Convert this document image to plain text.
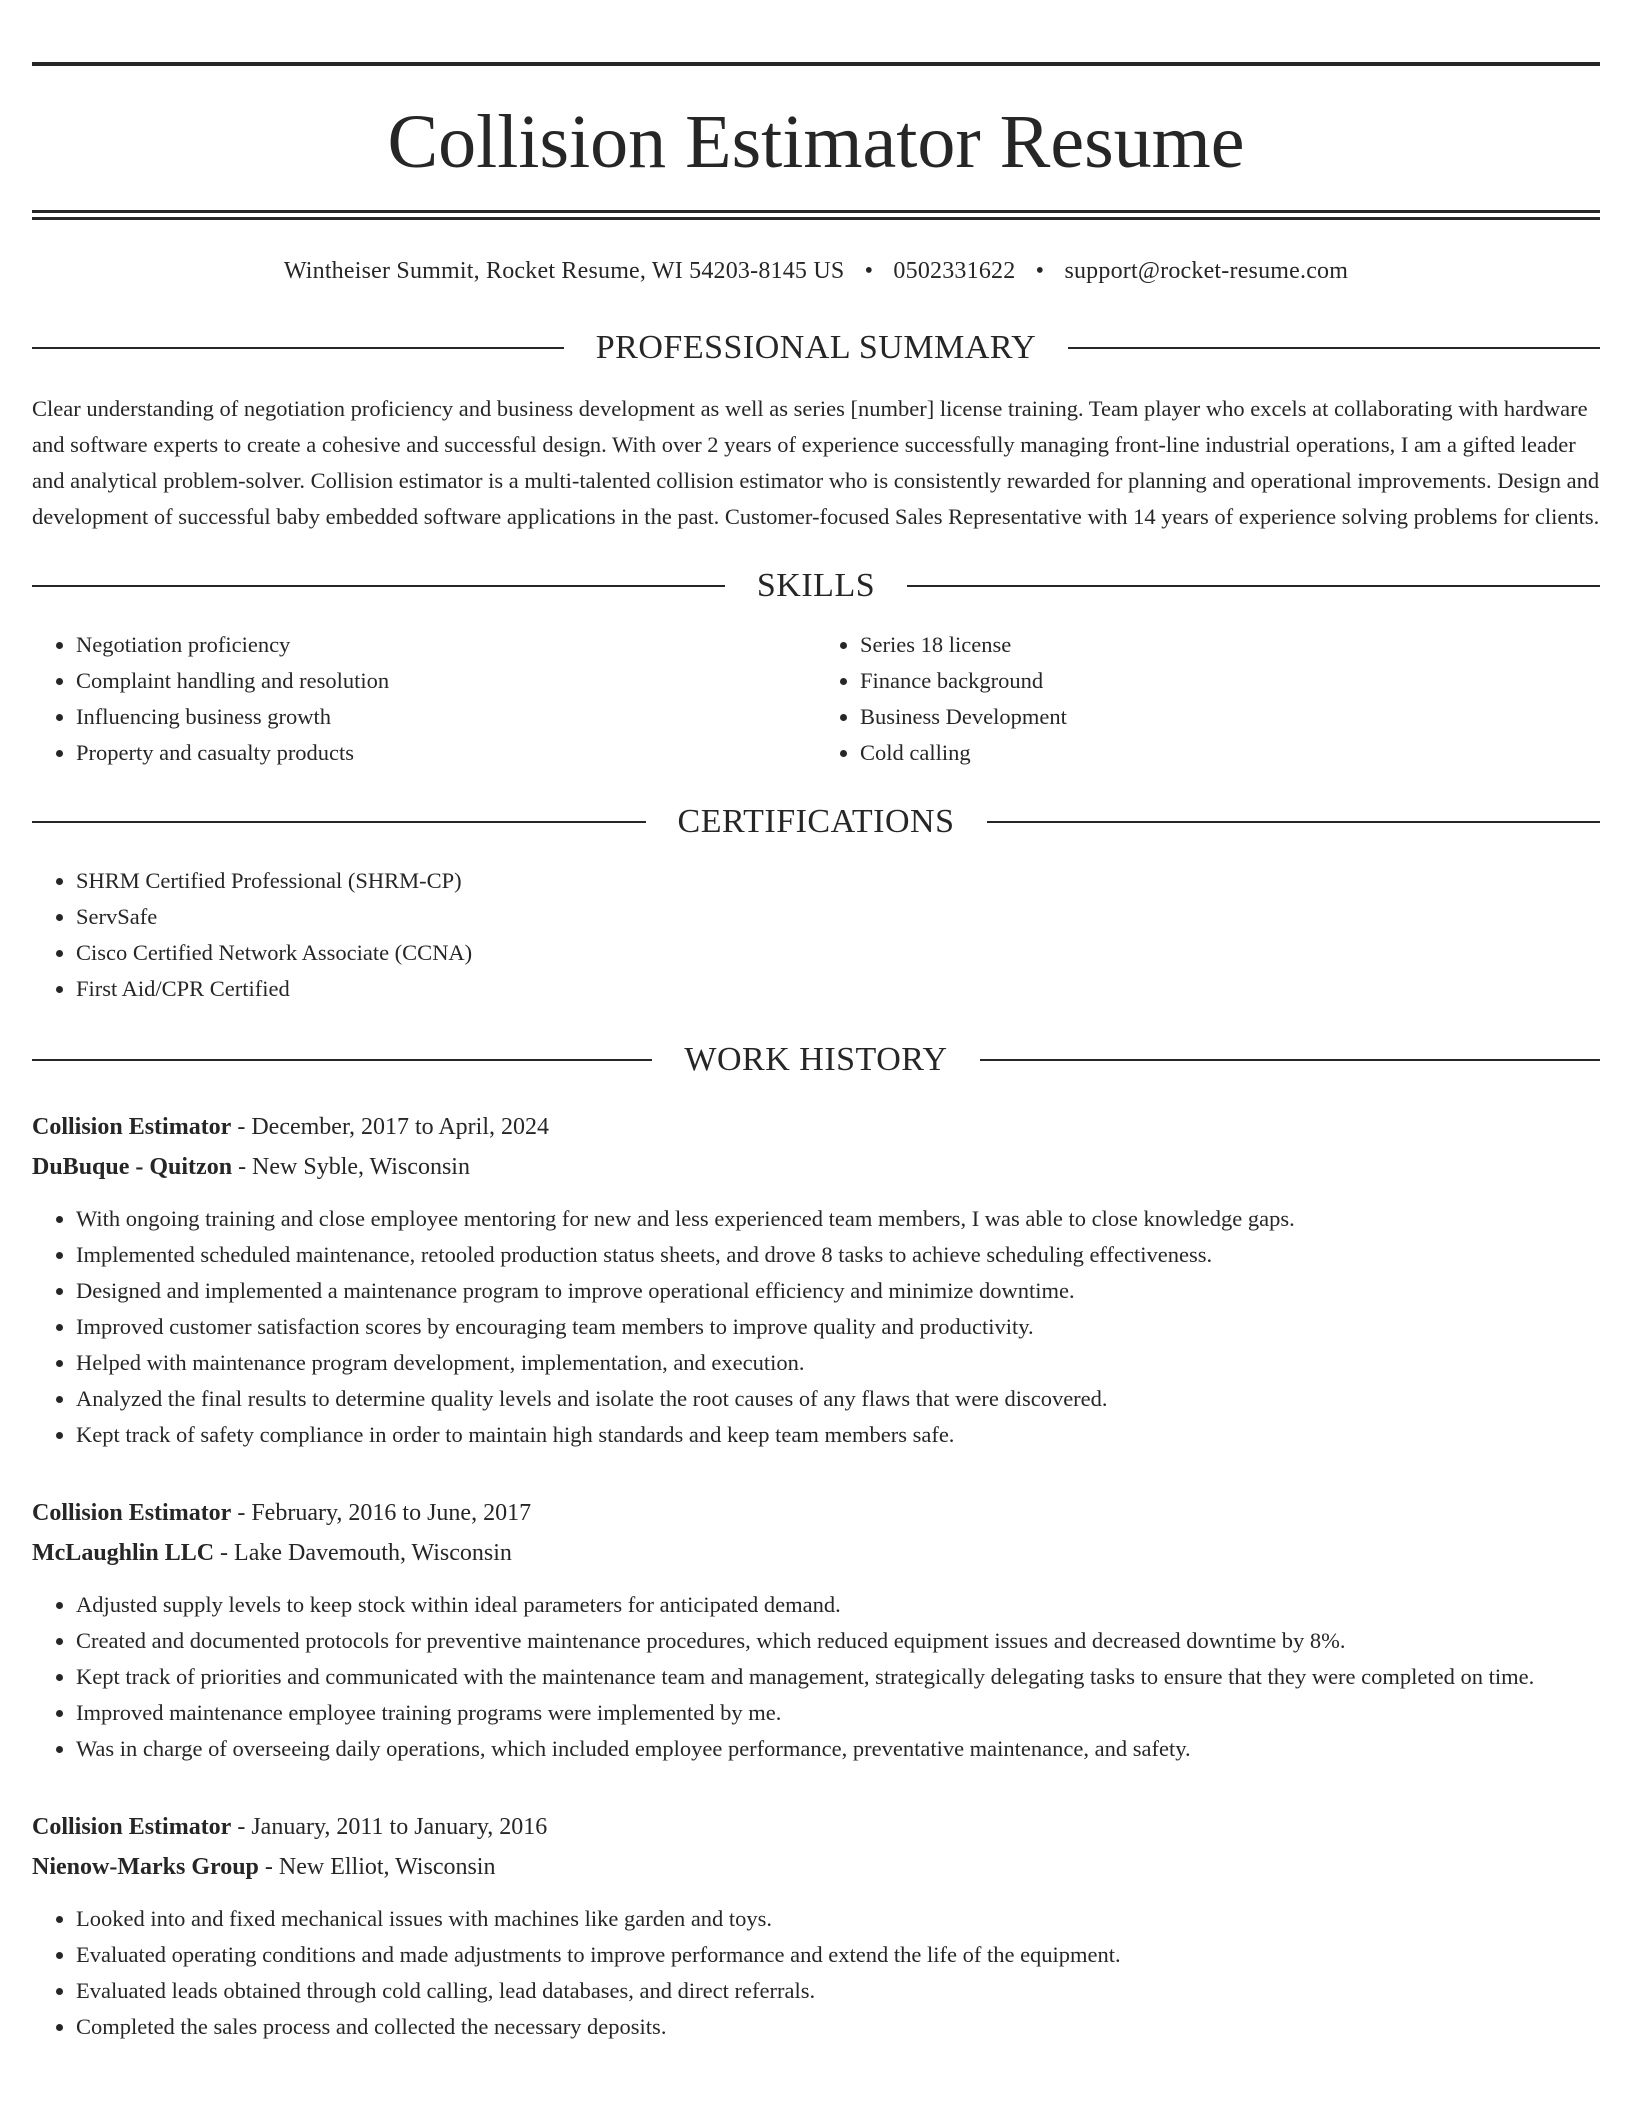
Collision Estimator Resume
Wintheiser Summit, Rocket Resume, WI 54203-8145 US • 0502331622 • support@rocket-resume.com
PROFESSIONAL SUMMARY

Clear understanding of negotiation proficiency and business development as well as series [number] license training. Team player who excels at collaborating with hardware and software experts to create a cohesive and successful design. With over 2 years of experience successfully managing front-line industrial operations, I am a gifted leader and analytical problem-solver. Collision estimator is a multi-talented collision estimator who is consistently rewarded for planning and operational improvements. Design and development of successful baby embedded software applications in the past. Customer-focused Sales Representative with 14 years of experience solving problems for clients.

SKILLS
• Negotiation proficiency
• Complaint handling and resolution
• Influencing business growth
• Property and casualty products
• Series 18 license
• Finance background
• Business Development
• Cold calling
CERTIFICATIONS
• SHRM Certified Professional (SHRM-CP)
• ServSafe
• Cisco Certified Network Associate (CCNA)
• First Aid/CPR Certified
WORK HISTORY
Collision Estimator - December, 2017 to April, 2024
DuBuque - Quitzon - New Syble, Wisconsin
• With ongoing training and close employee mentoring for new and less experienced team members, I was able to close knowledge gaps.
• Implemented scheduled maintenance, retooled production status sheets, and drove 8 tasks to achieve scheduling effectiveness.
• Designed and implemented a maintenance program to improve operational efficiency and minimize downtime.
• Improved customer satisfaction scores by encouraging team members to improve quality and productivity.
• Helped with maintenance program development, implementation, and execution.
• Analyzed the final results to determine quality levels and isolate the root causes of any flaws that were discovered.
• Kept track of safety compliance in order to maintain high standards and keep team members safe.
Collision Estimator - February, 2016 to June, 2017
McLaughlin LLC - Lake Davemouth, Wisconsin
• Adjusted supply levels to keep stock within ideal parameters for anticipated demand.
• Created and documented protocols for preventive maintenance procedures, which reduced equipment issues and decreased downtime by 8%.
• Kept track of priorities and communicated with the maintenance team and management, strategically delegating tasks to ensure that they were completed on time.
• Improved maintenance employee training programs were implemented by me.
• Was in charge of overseeing daily operations, which included employee performance, preventative maintenance, and safety.
Collision Estimator - January, 2011 to January, 2016
Nienow-Marks Group - New Elliot, Wisconsin
• Looked into and fixed mechanical issues with machines like garden and toys.
• Evaluated operating conditions and made adjustments to improve performance and extend the life of the equipment.
• Evaluated leads obtained through cold calling, lead databases, and direct referrals.
• Completed the sales process and collected the necessary deposits.
